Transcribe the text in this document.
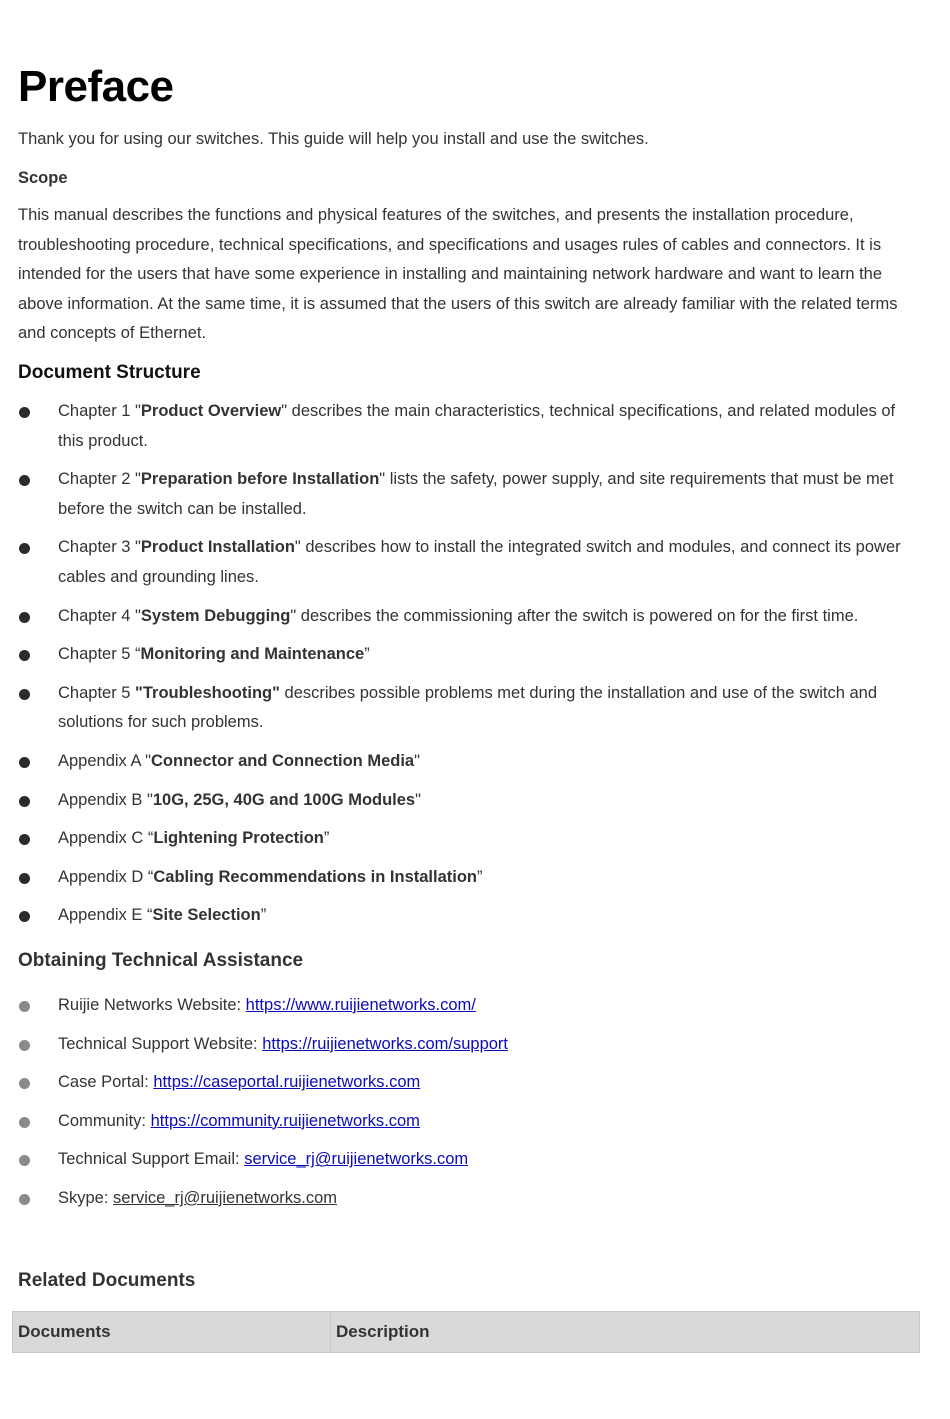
Preface

Thank you for using our switches. This guide will help you install and use the switches.

Scope

This manual describes the functions and physical features of the switches, and presents the installation procedure, troubleshooting procedure, technical specifications, and specifications and usages rules of cables and connectors. It is intended for the users that have some experience in installing and maintaining network hardware and want to learn the above information. At the same time, it is assumed that the users of this switch are already familiar with the related terms and concepts of Ethernet.

Document Structure
Chapter 1 "Product Overview" describes the main characteristics, technical specifications, and related modules of this product.
Chapter 2 "Preparation before Installation" lists the safety, power supply, and site requirements that must be met before the switch can be installed.
Chapter 3 "Product Installation" describes how to install the integrated switch and modules, and connect its power cables and grounding lines.
Chapter 4 "System Debugging" describes the commissioning after the switch is powered on for the first time.
Chapter 5 “Monitoring and Maintenance”
Chapter 5 "Troubleshooting" describes possible problems met during the installation and use of the switch and solutions for such problems.
Appendix A "Connector and Connection Media"
Appendix B "10G, 25G, 40G and 100G Modules"
Appendix C “Lightening Protection”
Appendix D “Cabling Recommendations in Installation”
Appendix E “Site Selection”
Obtaining Technical Assistance
Ruijie Networks Website: https://www.ruijienetworks.com/
Technical Support Website: https://ruijienetworks.com/support
Case Portal: https://caseportal.ruijienetworks.com
Community: https://community.ruijienetworks.com
Technical Support Email: service_rj@ruijienetworks.com
Skype: service_rj@ruijienetworks.com
Related Documents
Documents	Description
